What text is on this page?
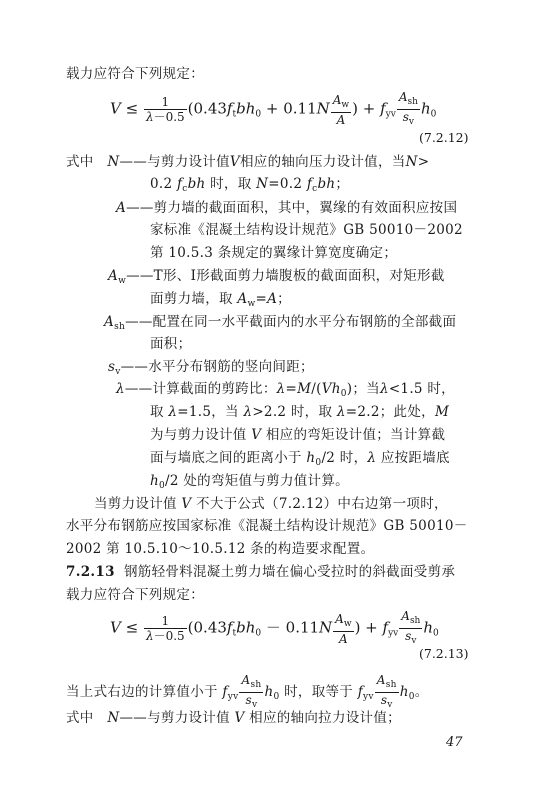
载力应符合下列规定：
$V \le \frac{1}{\lambda-0.5} (0.43f_tbh_0 + 0.11N \frac{A_w}{A}$ ) + $f_{yv} \frac{A_{sh}}{s_v} h_0$
(7.2.12)
式中   N——与剪力设计值V相应的轴向压力设计值，当N>
0.2 $f_cbh$ 时，取 N=0.2 $f_cbh$；
A——剪力墙的截面面积，其中，翼缘的有效面积应按国
家标准《混凝土结构设计规范》GB 50010－2002
第 10.5.3 条规定的翼缘计算宽度确定；
$A_w——T$形、I形截面剪力墙腹板的截面面积，对矩形截
面剪力墙，取 $A_w=A$；
$A_{sh}——$配置在同一水平截面内的水平分布钢筋的全部截面
面积；
$s_v——$水平分布钢筋的竖向间距；
λ——计算截面的剪跨比：$\lambda=M/(Vh_0)$；当λ<1.5 时，
取 λ=1.5，当 λ>2.2 时，取 λ=2.2；此处，M
为与剪力设计值 V 相应的弯矩设计值；当计算截
面与墙底之间的距离小于 $h_0/2$ 时，λ 应按距墙底
$h_0/2$ 处的弯矩值与剪力值计算。
当剪力设计值 V 不大于公式（7.2.12）中右边第一项时，
水平分布钢筋应按国家标准《混凝土结构设计规范》GB 50010－
2002 第 10.5.10～10.5.12 条的构造要求配置。
7.2.13 钢筋轻骨料混凝土剪力墙在偏心受拉时的斜截面受剪承
载力应符合下列规定：
$V \le \frac{1}{\lambda-0.5} (0.43f_tbh_0 - 0.11N \frac{A_w}{A}$ ) + $f_{yv} \frac{A_{sh}}{s_v} h_0$
(7.2.13)
当上式右边的计算值小于 $f_{yv} \frac{A_{sh}}{s_v} h_0$ 时，取等于 $f_{yv} \frac{A_{sh}}{s_v} h_0$。
式中   N——与剪力设计值 V 相应的轴向拉力设计值；
47
